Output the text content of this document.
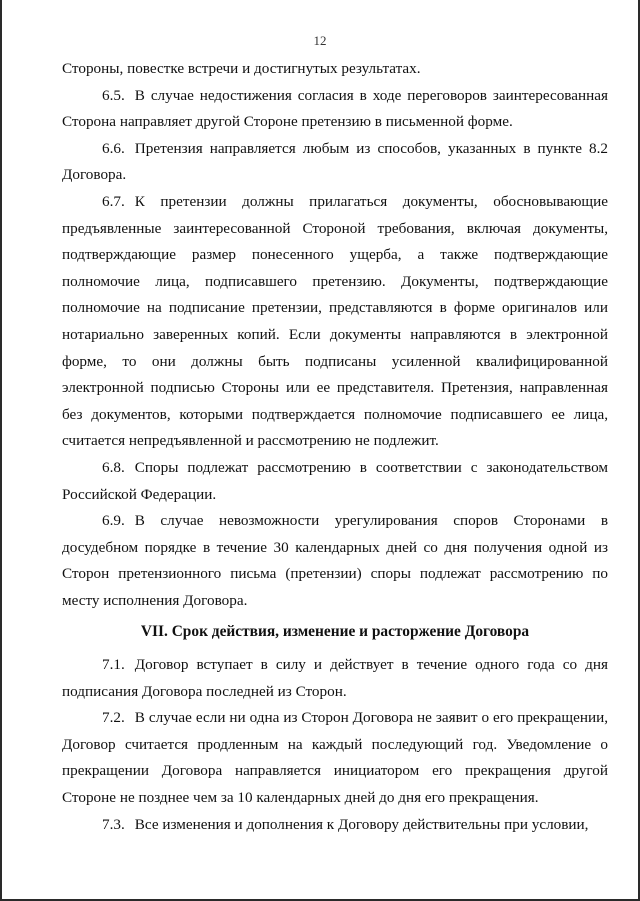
12

Стороны, повестке встречи и достигнутых результатах.

6.5. В случае недостижения согласия в ходе переговоров заинтересованная Сторона направляет другой Стороне претензию в письменной форме.

6.6. Претензия направляется любым из способов, указанных в пункте 8.2 Договора.

6.7. К претензии должны прилагаться документы, обосновывающие предъявленные заинтересованной Стороной требования, включая документы, подтверждающие размер понесенного ущерба, а также подтверждающие полномочие лица, подписавшего претензию. Документы, подтверждающие полномочие на подписание претензии, представляются в форме оригиналов или нотариально заверенных копий. Если документы направляются в электронной форме, то они должны быть подписаны усиленной квалифицированной электронной подписью Стороны или ее представителя. Претензия, направленная без документов, которыми подтверждается полномочие подписавшего ее лица, считается непредъявленной и рассмотрению не подлежит.

6.8. Споры подлежат рассмотрению в соответствии с законодательством Российской Федерации.

6.9. В случае невозможности урегулирования споров Сторонами в досудебном порядке в течение 30 календарных дней со дня получения одной из Сторон претензионного письма (претензии) споры подлежат рассмотрению по месту исполнения Договора.

VII. Срок действия, изменение и расторжение Договора

7.1. Договор вступает в силу и действует в течение одного года со дня подписания Договора последней из Сторон.

7.2. В случае если ни одна из Сторон Договора не заявит о его прекращении, Договор считается продленным на каждый последующий год. Уведомление о прекращении Договора направляется инициатором его прекращения другой Стороне не позднее чем за 10 календарных дней до дня его прекращения.

7.3. Все изменения и дополнения к Договору действительны при условии,
